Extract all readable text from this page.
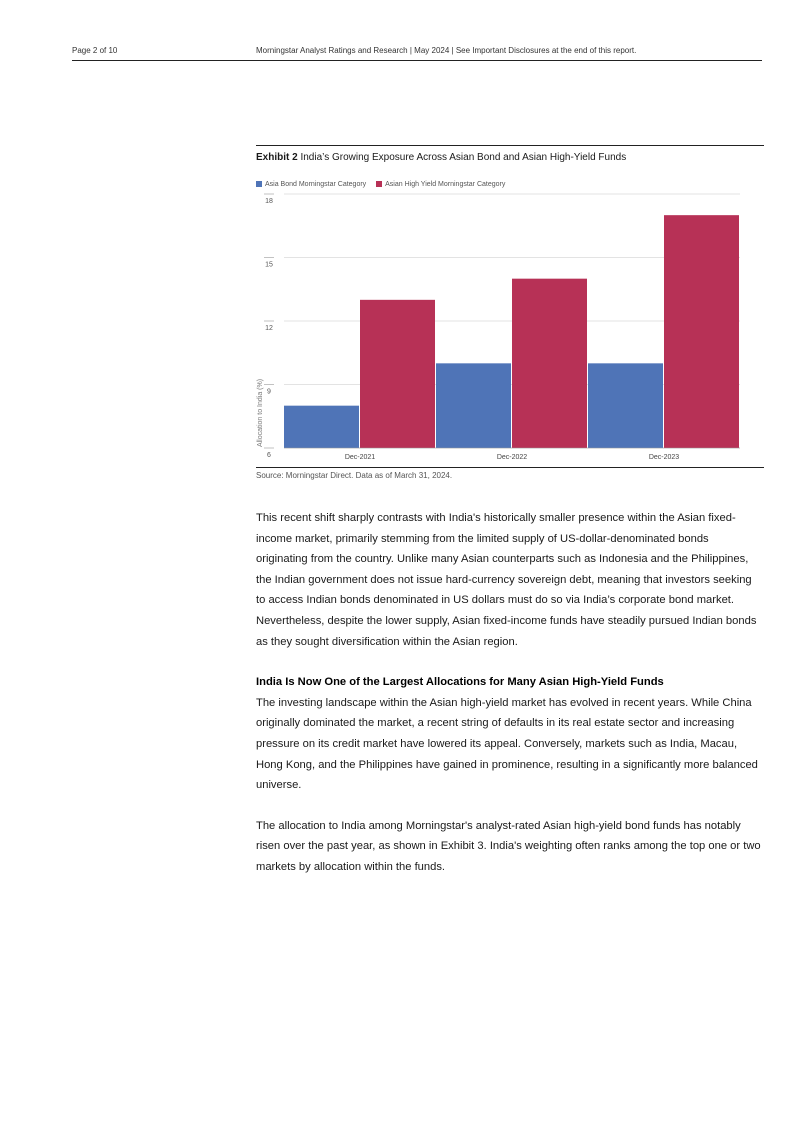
Page 2 of 10	Morningstar Analyst Ratings and Research | May 2024 | See Important Disclosures at the end of this report.
Exhibit 2 India’s Growing Exposure Across Asian Bond and Asian High-Yield Funds
Asia Bond Morningstar Category	Asian High Yield Morningstar Category
6
9
12
15
18
Allocation to India (%)
Dec-2021	Dec-2022	Dec-2023
Source: Morningstar Direct. Data as of March 31, 2024.

This recent shift sharply contrasts with India's historically smaller presence within the Asian fixed-income market, primarily stemming from the limited supply of US-dollar-denominated bonds originating from the country. Unlike many Asian counterparts such as Indonesia and the Philippines, the Indian government does not issue hard-currency sovereign debt, meaning that investors seeking to access Indian bonds denominated in US dollars must do so via India’s corporate bond market. Nevertheless, despite the lower supply, Asian fixed-income funds have steadily pursued Indian bonds as they sought diversification within the Asian region.

India Is Now One of the Largest Allocations for Many Asian High-Yield Funds

The investing landscape within the Asian high-yield market has evolved in recent years. While China originally dominated the market, a recent string of defaults in its real estate sector and increasing pressure on its credit market have lowered its appeal. Conversely, markets such as India, Macau, Hong Kong, and the Philippines have gained in prominence, resulting in a significantly more balanced universe.

The allocation to India among Morningstar's analyst-rated Asian high-yield bond funds has notably risen over the past year, as shown in Exhibit 3. India's weighting often ranks among the top one or two markets by allocation within the funds.
